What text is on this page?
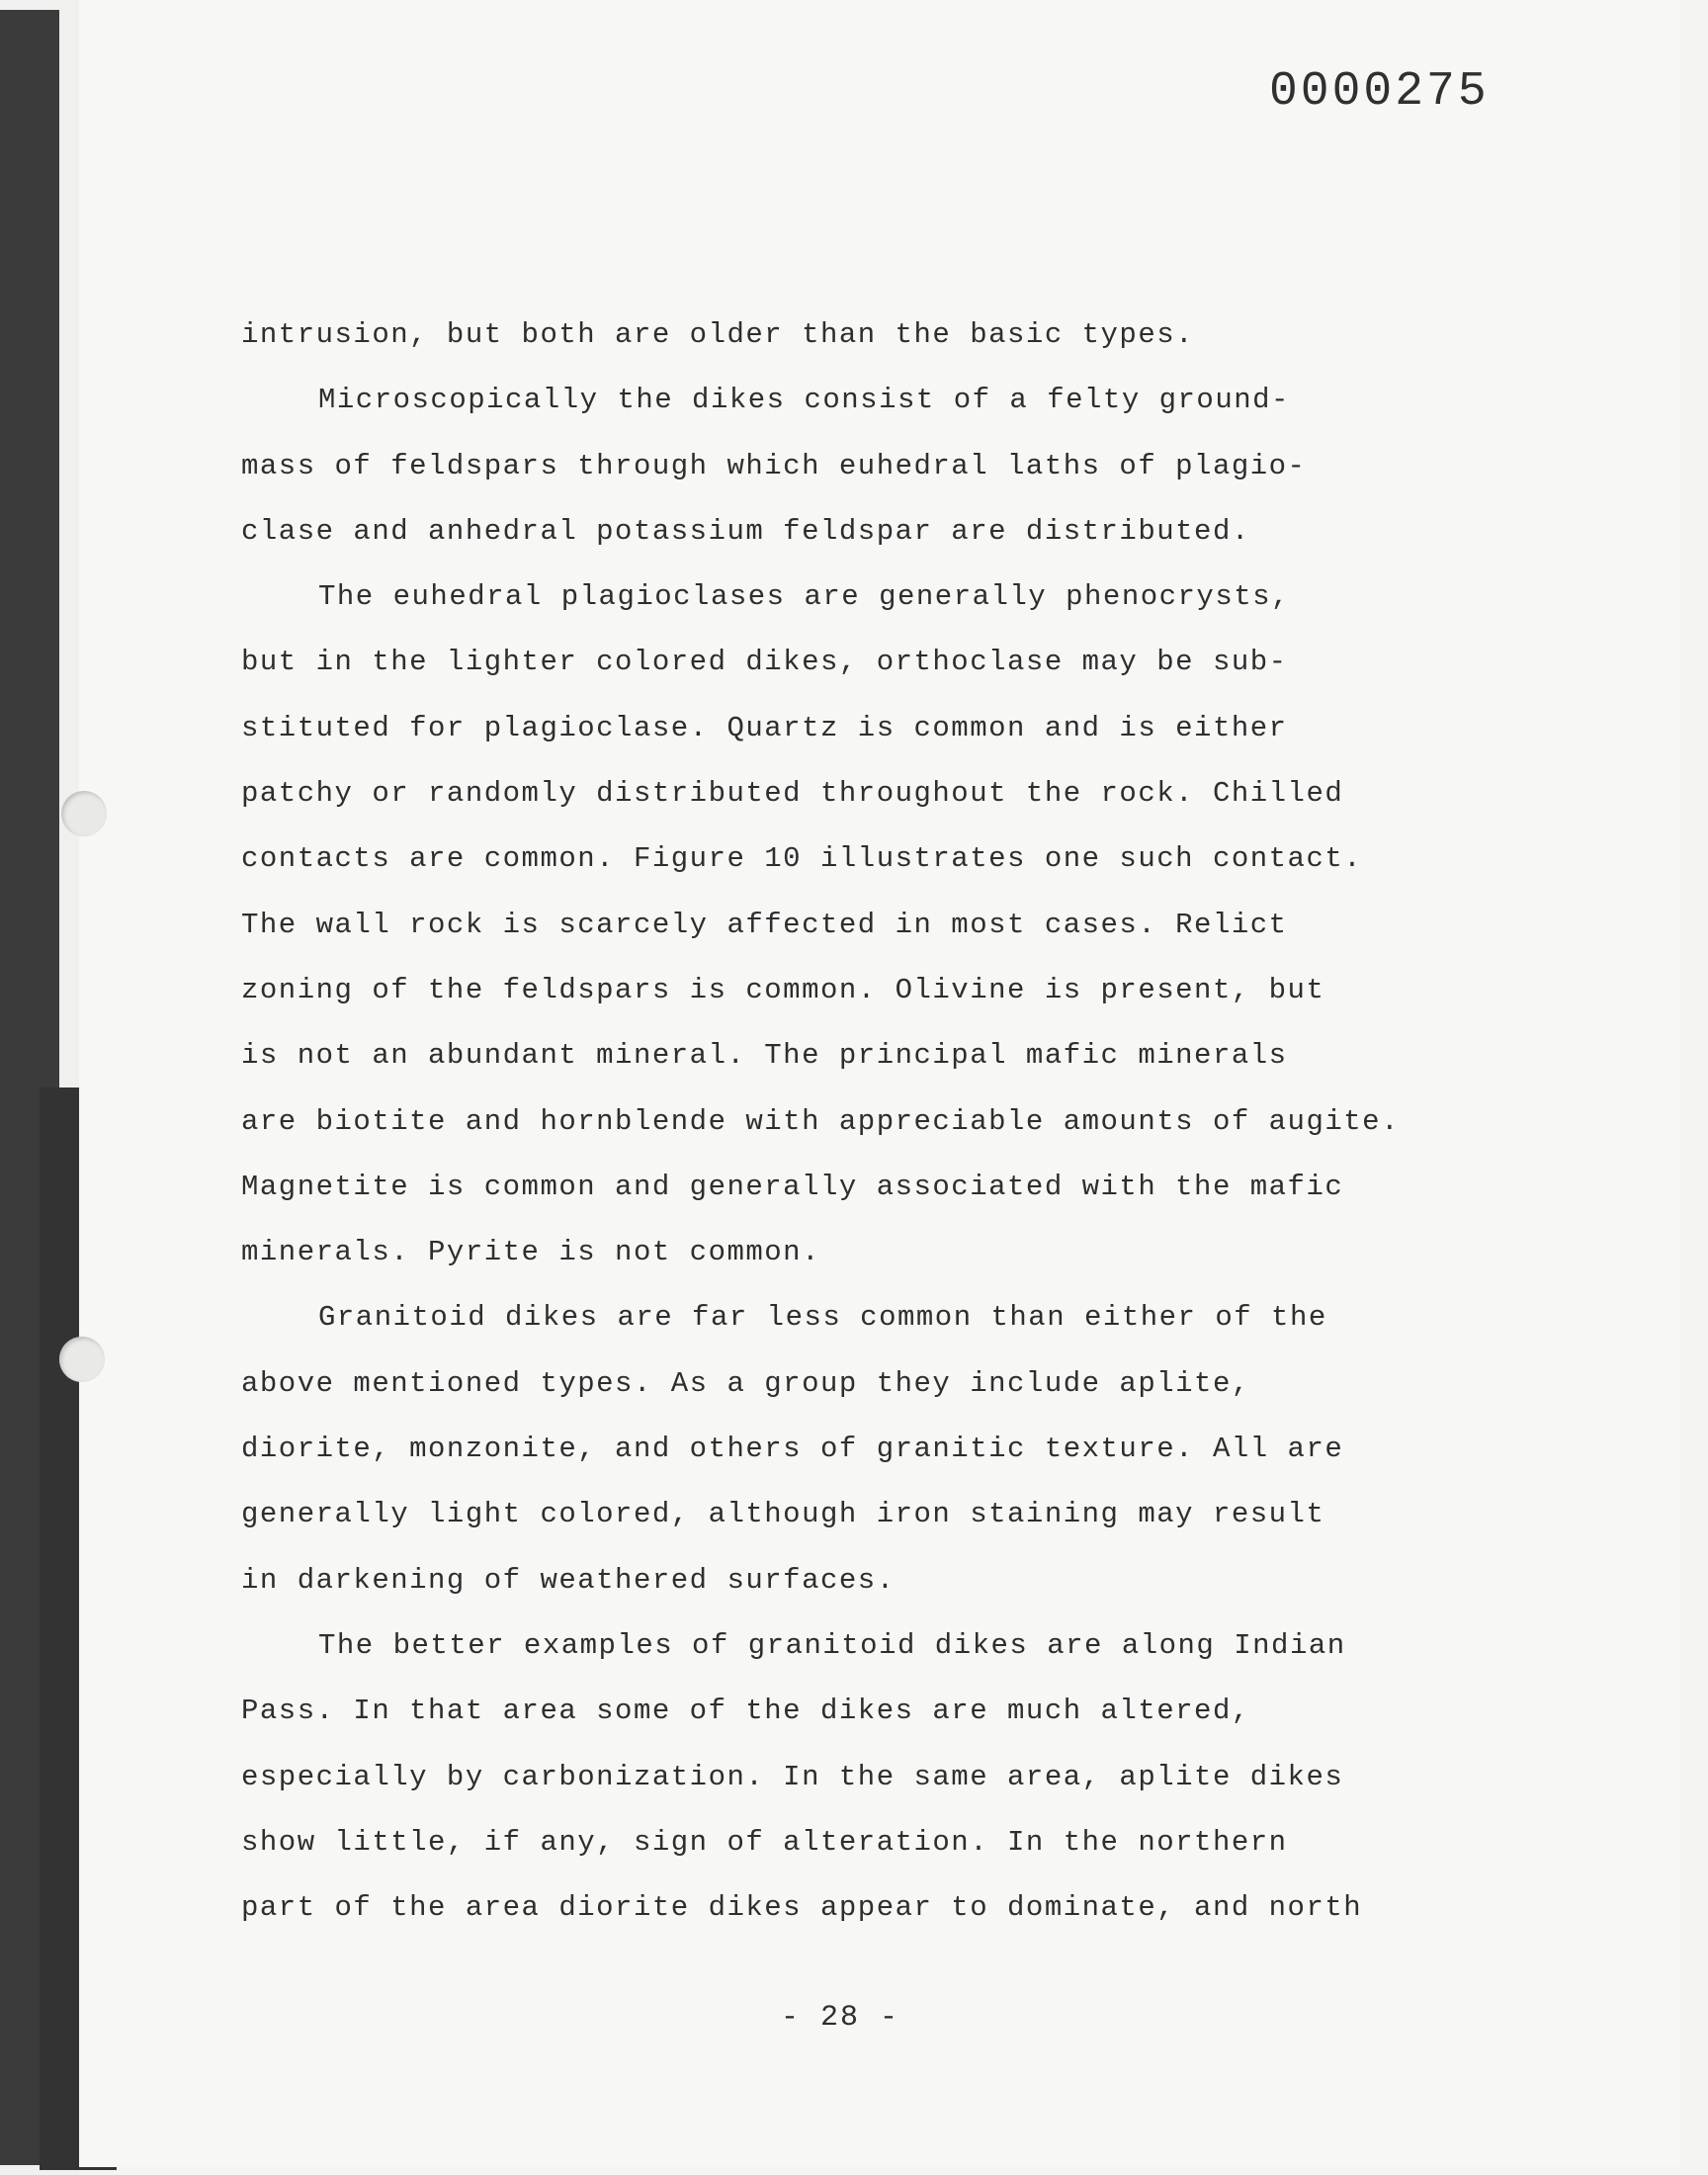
0000275
intrusion, but both are older than the basic types.
Microscopically the dikes consist of a felty ground-
mass of feldspars through which euhedral laths of plagio-
clase and anhedral potassium feldspar are distributed.
The euhedral plagioclases are generally phenocrysts,
but in the lighter colored dikes, orthoclase may be sub-
stituted for plagioclase. Quartz is common and is either
patchy or randomly distributed throughout the rock. Chilled
contacts are common. Figure 10 illustrates one such contact.
The wall rock is scarcely affected in most cases. Relict
zoning of the feldspars is common. Olivine is present, but
is not an abundant mineral. The principal mafic minerals
are biotite and hornblende with appreciable amounts of augite.
Magnetite is common and generally associated with the mafic
minerals. Pyrite is not common.
Granitoid dikes are far less common than either of the
above mentioned types. As a group they include aplite,
diorite, monzonite, and others of granitic texture. All are
generally light colored, although iron staining may result
in darkening of weathered surfaces.
The better examples of granitoid dikes are along Indian
Pass. In that area some of the dikes are much altered,
especially by carbonization. In the same area, aplite dikes
show little, if any, sign of alteration. In the northern
part of the area diorite dikes appear to dominate, and north
- 28 -
